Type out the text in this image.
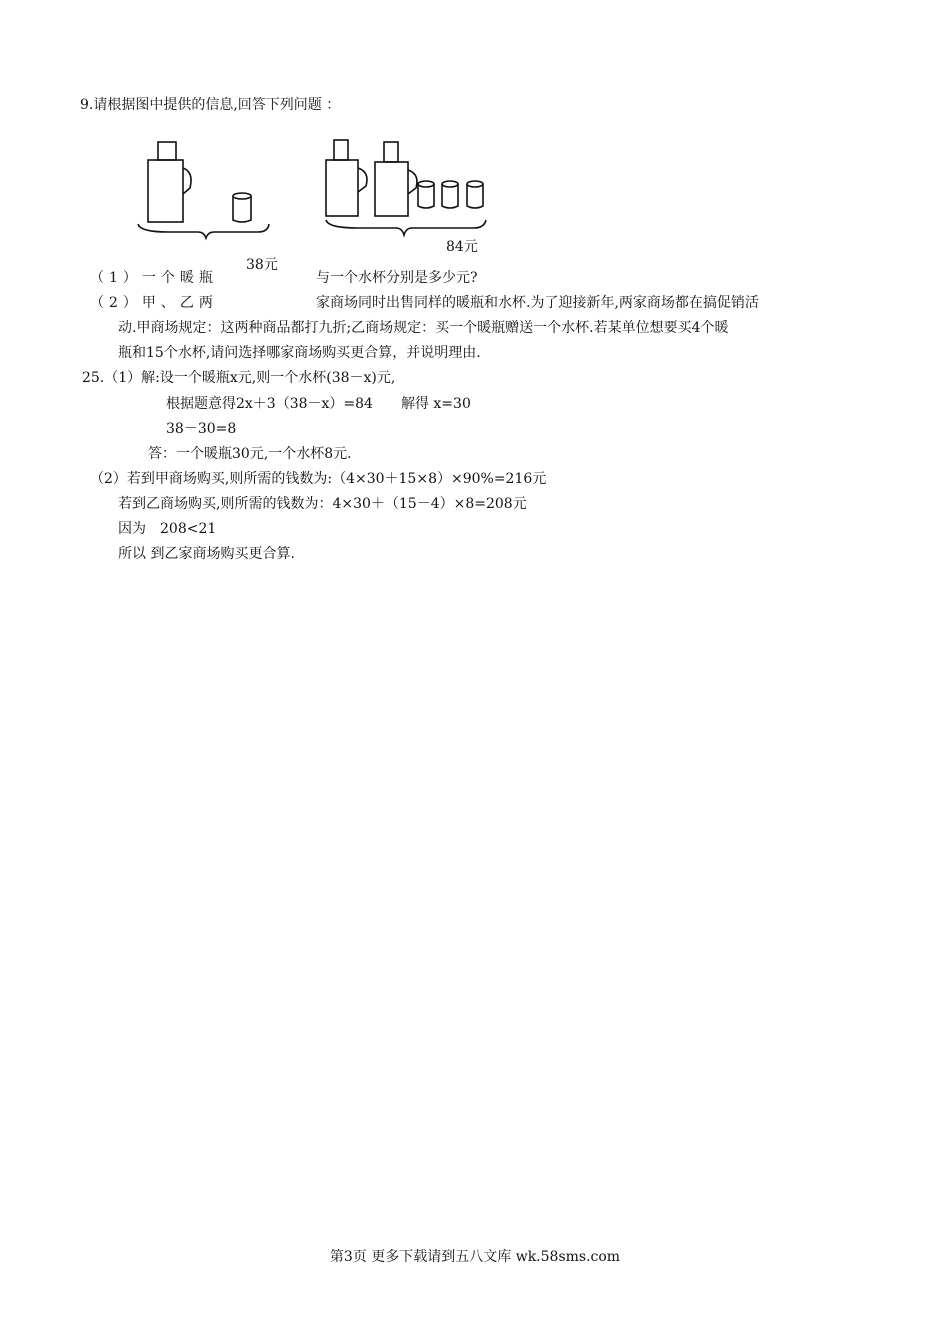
9.请根据图中提供的信息,回答下列问题 ：
38元
84元
（1）一个暖瓶	与一个水杯分别是多少元?
（2）甲、乙两	家商场同时出售同样的暖瓶和水杯.为了迎接新年,两家商场都在搞促销活
动.甲商场规定：这两种商品都打九折;乙商场规定：买一个暖瓶赠送一个水杯.若某单位想要买4个暖
瓶和15个水杯,请问选择哪家商场购买更合算，并说明理由.
25.（1）解:设一个暖瓶x元,则一个水杯(38－x)元,
根据题意得2x＋3（38－x）=84　　解得 x=30
38－30=8
答：一个暖瓶30元,一个水杯8元.
（2）若到甲商场购买,则所需的钱数为:（4×30＋15×8）×90%=216元
若到乙商场购买,则所需的钱数为：4×30＋（15－4）×8=208元
因为　208<21
所以 到乙家商场购买更合算.
第3页 更多下载请到五八文库 wk.58sms.com
